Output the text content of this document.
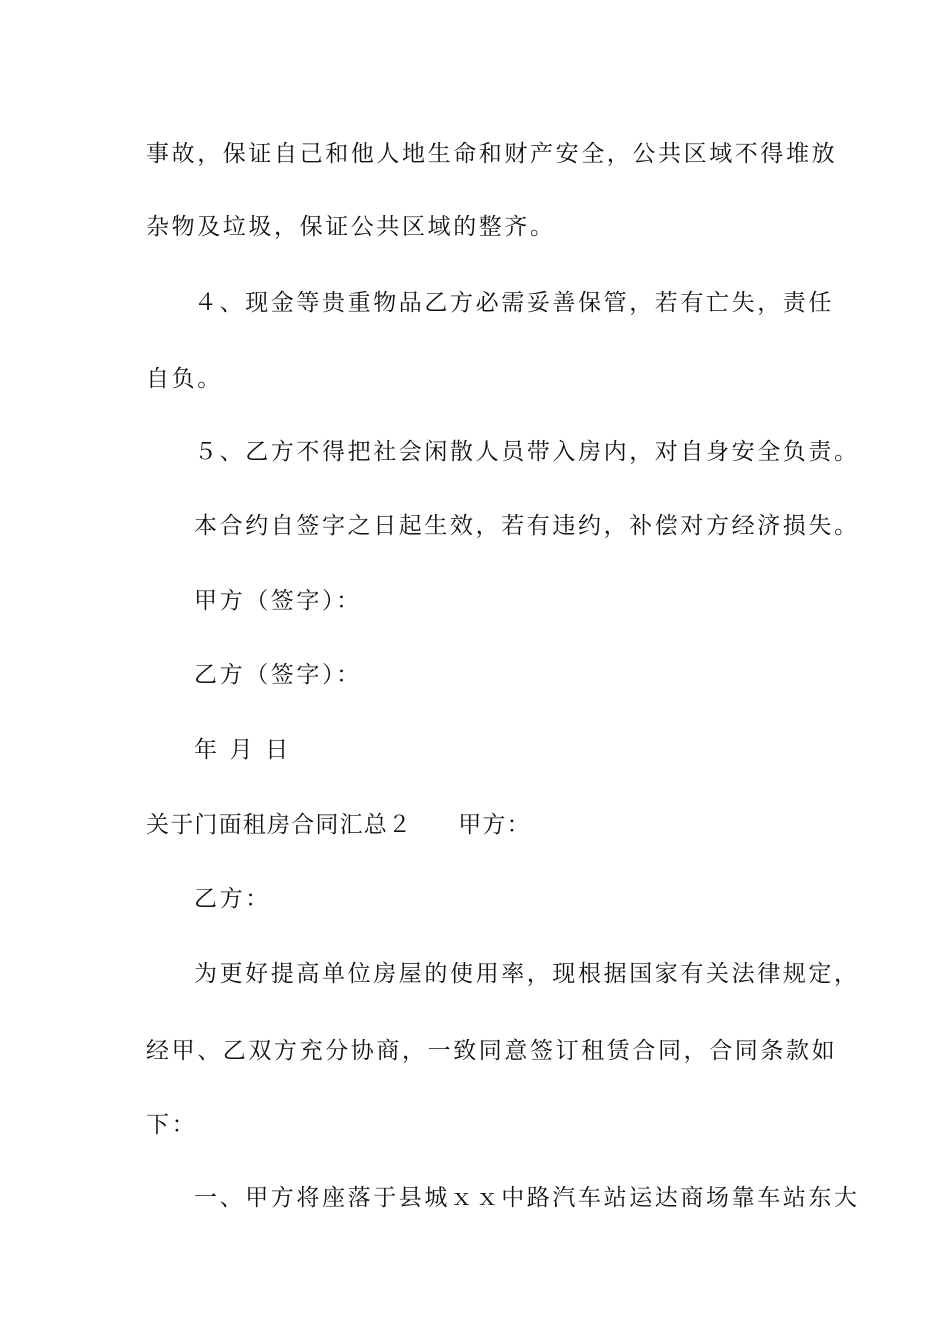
事故，保证自己和他人地生命和财产安全，公共区域不得堆放
杂物及垃圾，保证公共区域的整齐。
４、现金等贵重物品乙方必需妥善保管，若有亡失，责任
自负。
５、乙方不得把社会闲散人员带入房内，对自身安全负责。
本合约自签字之日起生效，若有违约，补偿对方经济损失。
甲方（签字）：
乙方（签字）：
年 月 日
关于门面租房合同汇总２ 甲方：
乙方：
为更好提高单位房屋的使用率，现根据国家有关法律规定，
经甲、乙双方充分协商，一致同意签订租赁合同，合同条款如
下：
一、甲方将座落于县城ｘｘ中路汽车站运达商场靠车站东大
